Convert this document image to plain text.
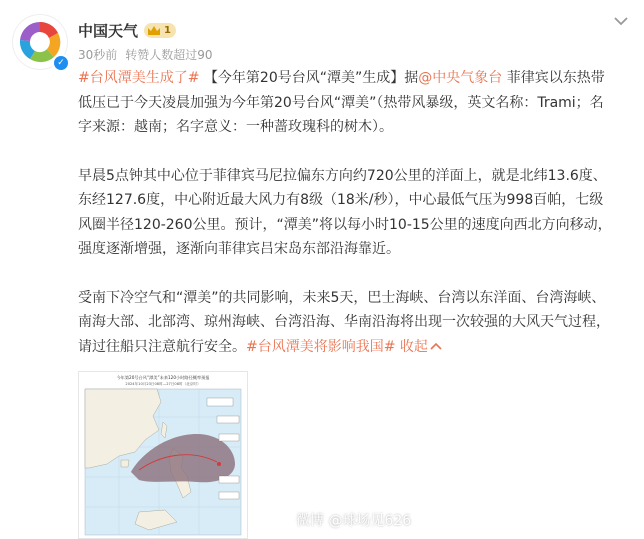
✓
中国天气	1
30秒前 转赞人数超过90

#台风潭美生成了# 【今年第20号台风“潭美”生成】据@中央气象台 菲律宾以东热带低压已于今天凌晨加强为今年第20号台风“潭美”（热带风暴级，英文名称：Trami；名字来源：越南；名字意义：一种蔷玫瑰科的树木）。

早晨5点钟其中心位于菲律宾马尼拉偏东方向约720公里的洋面上，就是北纬13.6度、东经127.6度，中心附近最大风力有8级（18米/秒），中心最低气压为998百帕，七级风圈半径120-260公里。预计，“潭美”将以每小时10-15公里的速度向西北方向移动，强度逐渐增强，逐渐向菲律宾吕宋岛东部沿海靠近。

受南下冷空气和“潭美”的共同影响，未来5天，巴士海峡、台湾以东洋面、台湾海峡、南海大部、北部湾、琼州海峡、台湾沿海、华南沿海将出现一次较强的大风天气过程，请过往船只注意航行安全。#台风潭美将影响我国# 收起

今年第20号台风“潭美”未来120小时路径概率预报
2024年10月23日08时—27日08时（北京时）
微博 @球场见626
